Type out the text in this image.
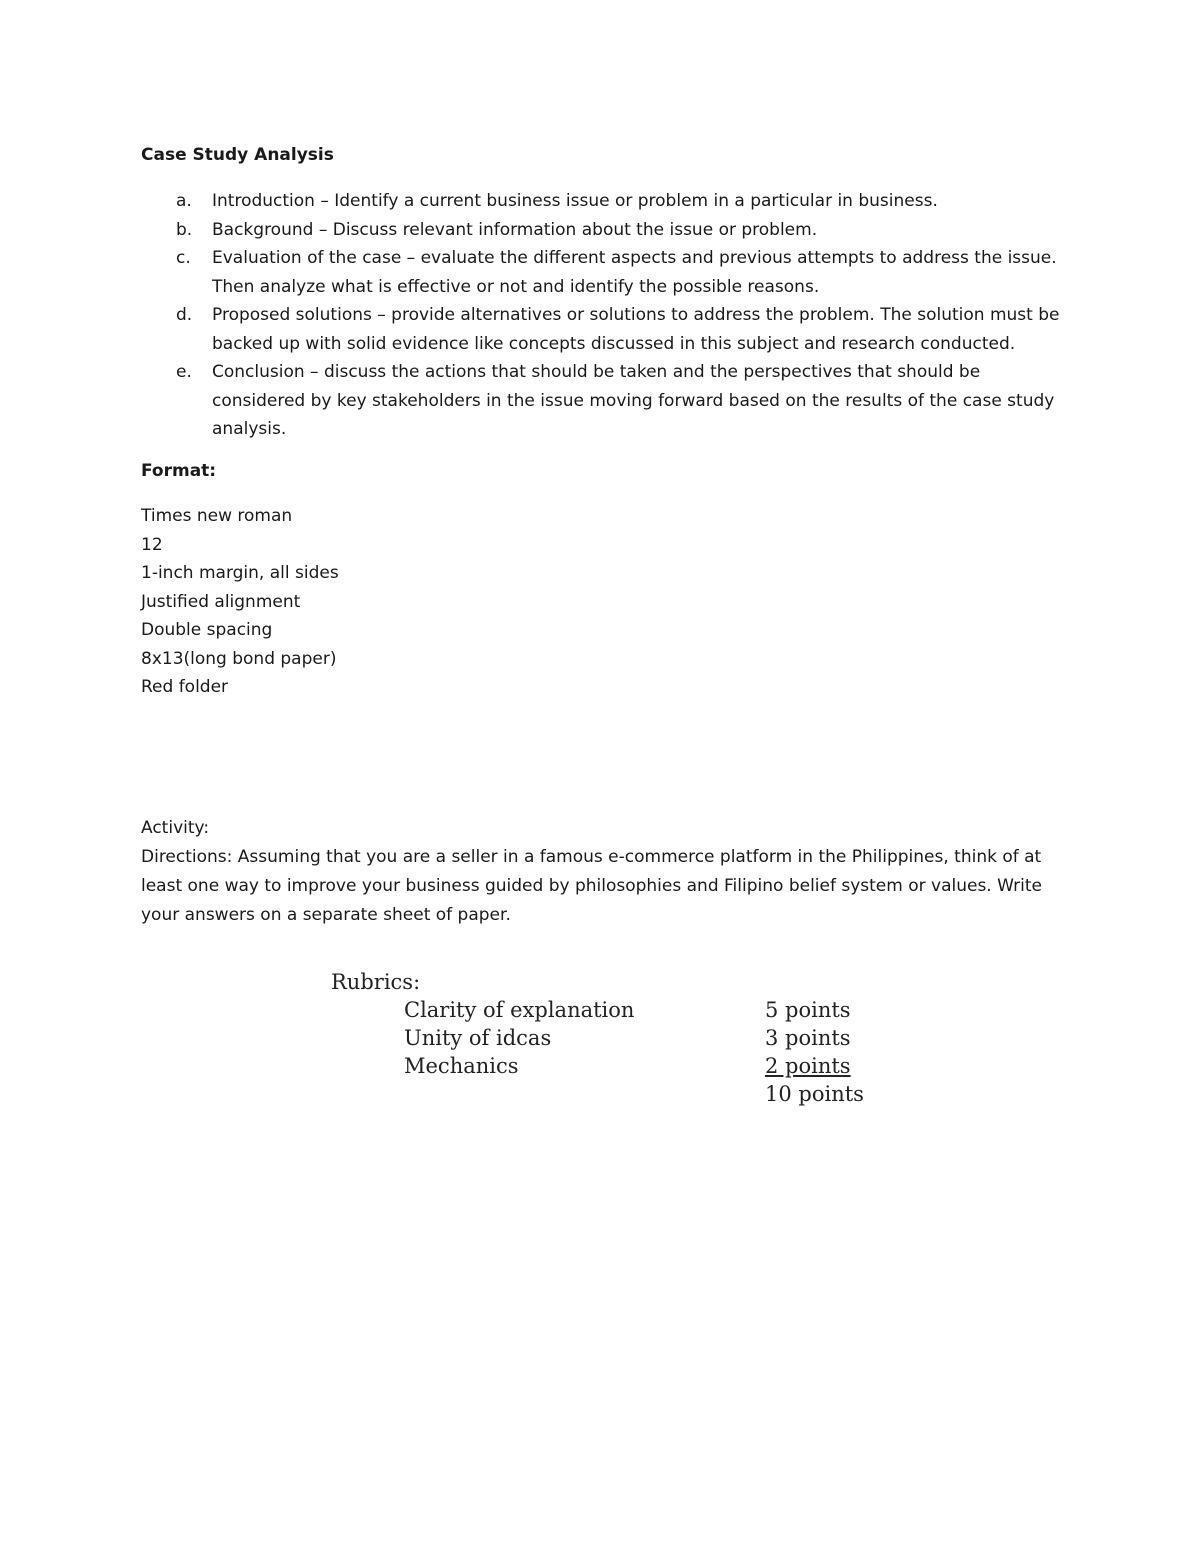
Case Study Analysis
a. Introduction – Identify a current business issue or problem in a particular in business.
b. Background – Discuss relevant information about the issue or problem.
c. Evaluation of the case – evaluate the different aspects and previous attempts to address the issue. Then analyze what is effective or not and identify the possible reasons.
d. Proposed solutions – provide alternatives or solutions to address the problem. The solution must be backed up with solid evidence like concepts discussed in this subject and research conducted.
e. Conclusion – discuss the actions that should be taken and the perspectives that should be considered by key stakeholders in the issue moving forward based on the results of the case study analysis.
Format:
Times new roman
12
1-inch margin, all sides
Justified alignment
Double spacing
8x13(long bond paper)
Red folder
Activity:
Directions: Assuming that you are a seller in a famous e-commerce platform in the Philippines, think of at least one way to improve your business guided by philosophies and Filipino belief system or values. Write your answers on a separate sheet of paper.
Rubrics:
Clarity of explanation	5 points
Unity of idcas	3 points
Mechanics	2 points
10 points
